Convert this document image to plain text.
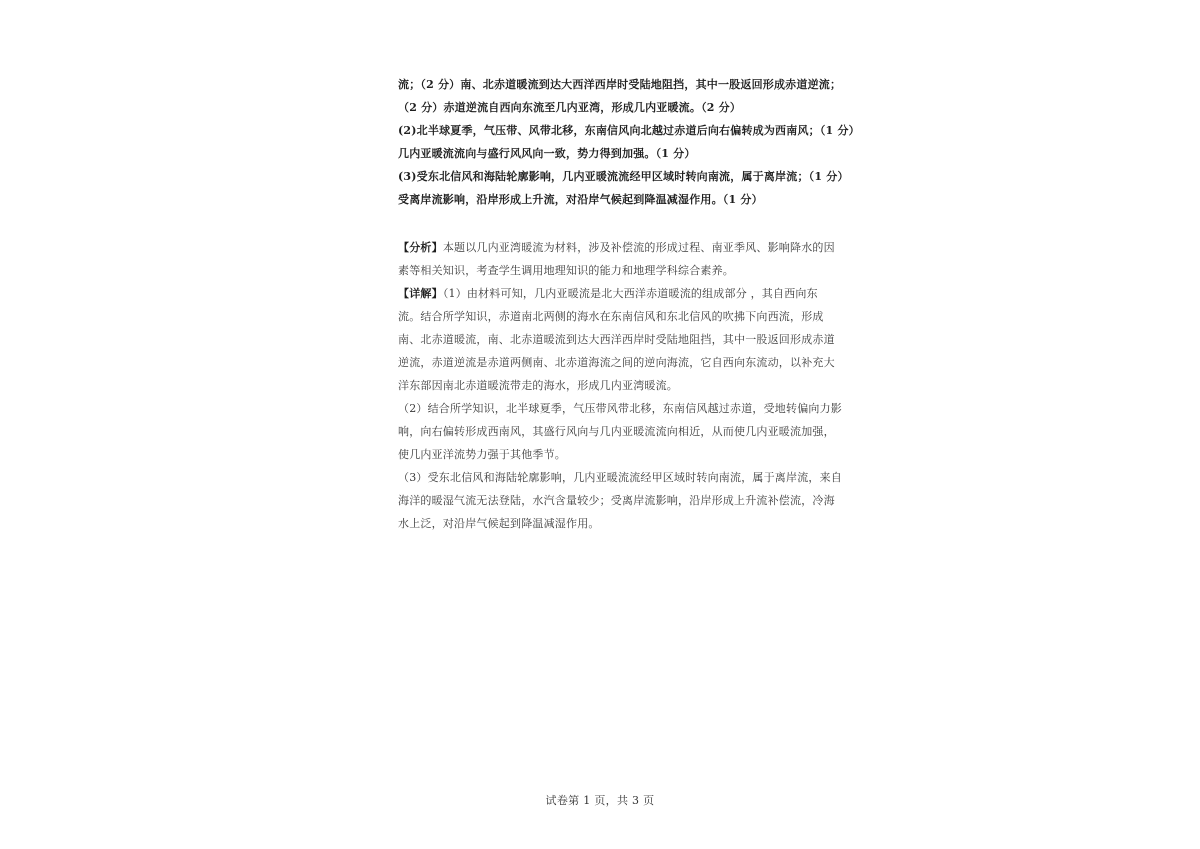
流；（2 分）南、北赤道暖流到达大西洋西岸时受陆地阻挡，其中一股返回形成赤道逆流；
（2 分）赤道逆流自西向东流至几内亚湾，形成几内亚暖流。（2 分）
(2)北半球夏季，气压带、风带北移，东南信风向北越过赤道后向右偏转成为西南风；（1 分）
几内亚暖流流向与盛行风风向一致，势力得到加强。（1 分）
(3)受东北信风和海陆轮廓影响，几内亚暖流流经甲区域时转向南流，属于离岸流；（1 分）
受离岸流影响，沿岸形成上升流，对沿岸气候起到降温减湿作用。（1 分）
【分析】本题以几内亚湾暖流为材料，涉及补偿流的形成过程、南亚季风、影响降水的因
素等相关知识，考查学生调用地理知识的能力和地理学科综合素养。
【详解】（1）由材料可知，几内亚暖流是北大西洋赤道暖流的组成部分 ，其自西向东
流。结合所学知识，赤道南北两侧的海水在东南信风和东北信风的吹拂下向西流，形成
南、北赤道暖流，南、北赤道暖流到达大西洋西岸时受陆地阻挡，其中一股返回形成赤道
逆流，赤道逆流是赤道两侧南、北赤道海流之间的逆向海流，它自西向东流动，以补充大
洋东部因南北赤道暖流带走的海水，形成几内亚湾暖流。
（2）结合所学知识，北半球夏季，气压带风带北移，东南信风越过赤道，受地转偏向力影
响，向右偏转形成西南风，其盛行风向与几内亚暖流流向相近，从而使几内亚暖流加强，
使几内亚洋流势力强于其他季节。
（3）受东北信风和海陆轮廓影响，几内亚暖流流经甲区域时转向南流，属于离岸流，来自
海洋的暖湿气流无法登陆，水汽含量较少；受离岸流影响，沿岸形成上升流补偿流，冷海
水上泛，对沿岸气候起到降温减湿作用。
试卷第 1 页，共 3 页
